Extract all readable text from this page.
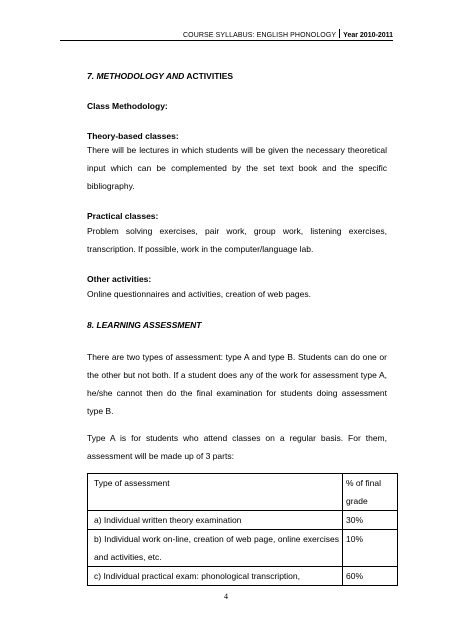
COURSE SYLLABUS: ENGLISH PHONOLOGY Year 2010-2011
7. METHODOLOGY AND ACTIVITIES
Class Methodology:
Theory-based classes:
There will be lectures in which students will be given the necessary theoretical input which can be complemented by the set text book and the specific bibliography.
Practical classes:
Problem solving exercises, pair work, group work, listening exercises, transcription. If possible, work in the computer/language lab.
Other activities:
Online questionnaires and activities, creation of web pages.
8. LEARNING ASSESSMENT
There are two types of assessment: type A and type B. Students can do one or the other but not both. If a student does any of the work for assessment type A, he/she cannot then do the final examination for students doing assessment type B.
Type A is for students who attend classes on a regular basis. For them, assessment will be made up of 3 parts:
Type of assessment	% of final grade
a) Individual written theory examination	30%
b) Individual work on-line, creation of web page, online exercises and activities, etc.	10%
c) Individual practical exam: phonological transcription,	60%
4
